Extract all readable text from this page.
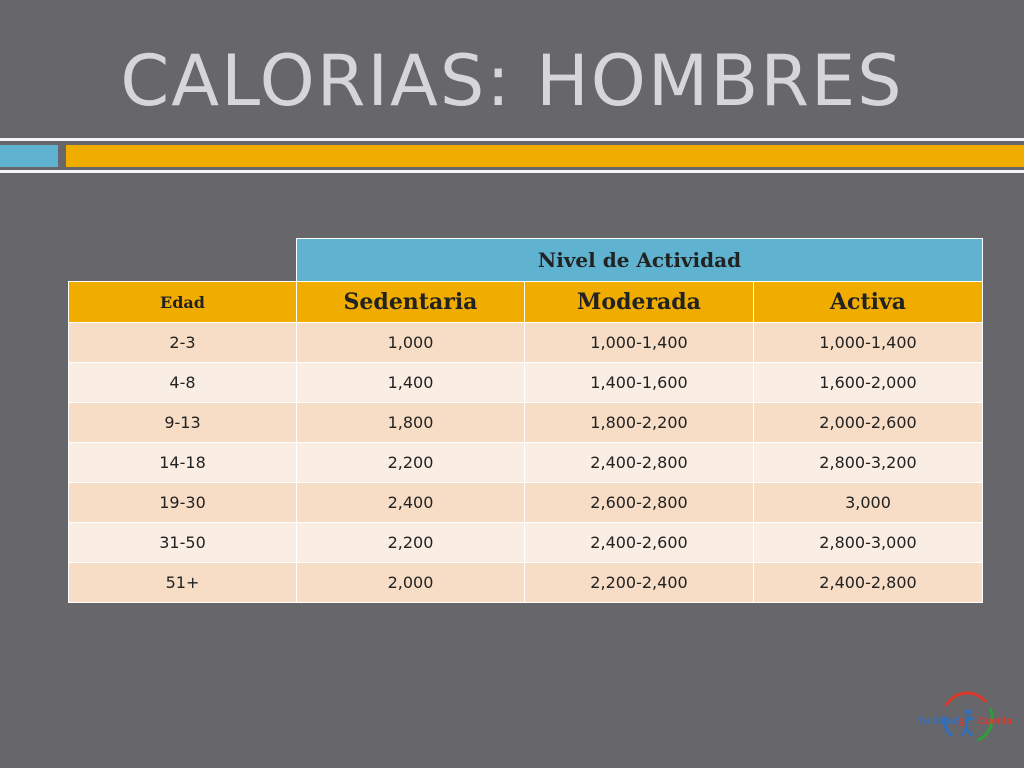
CALORIAS: HOMBRES
	Nivel de Actividad		
Edad	Sedentaria	Moderada	Activa
2-3	1,000	1,000-1,400	1,000-1,400
4-8	1,400	1,400-1,600	1,600-2,000
9-13	1,800	1,800-2,200	2,000-2,600
14-18	2,200	2,400-2,800	2,800-3,200
19-30	2,400	2,600-2,800	3,000
31-50	2,200	2,400-2,600	2,800-3,000
51+	2,000	2,200-2,400	2,400-2,800
Tu Salud
S Cuenta
